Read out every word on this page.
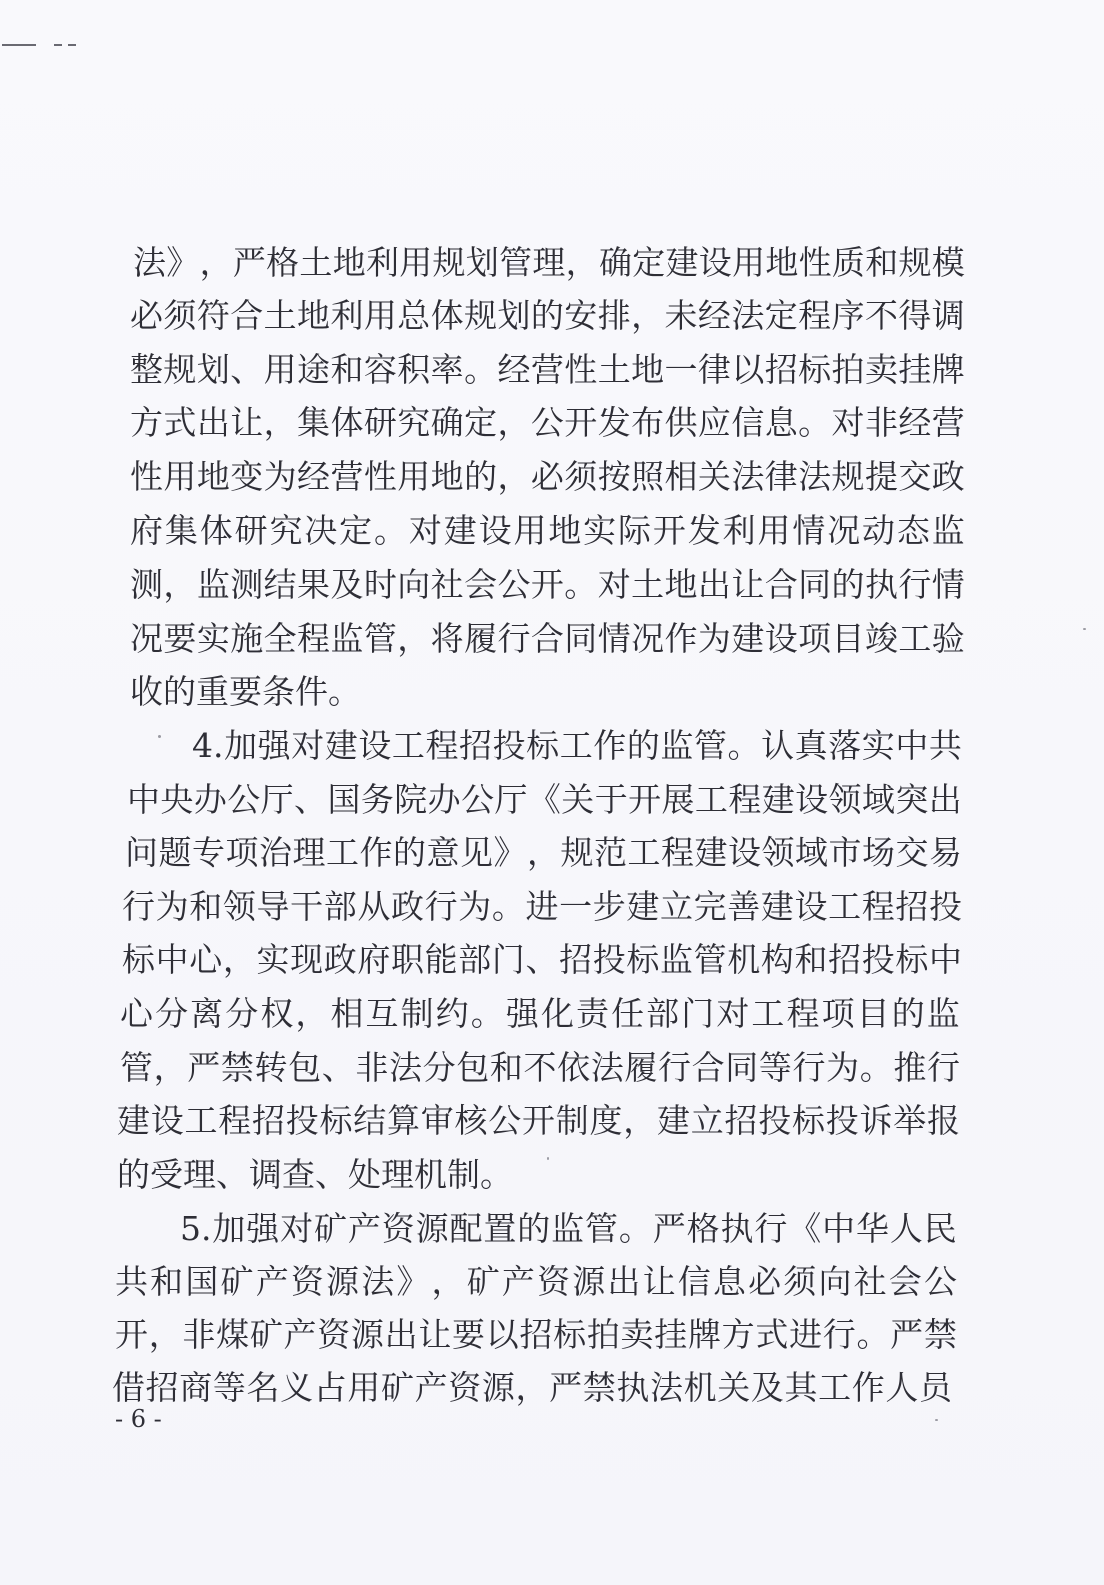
法 》 ， 严 格 土 地 利 用 规 划 管 理 ， 确 定 建 设 用 地 性 质 和 规 模
必 须 符 合 土 地 利 用 总 体 规 划 的 安 排 ， 未 经 法 定 程 序 不 得 调
整 规 划 、 用 途 和 容 积 率 。 经 营 性 土 地 一 律 以 招 标 拍 卖 挂 牌
方 式 出 让 ， 集 体 研 究 确 定 ， 公 开 发 布 供 应 信 息 。 对 非 经 营
性 用 地 变 为 经 营 性 用 地 的 ， 必 须 按 照 相 关 法 律 法 规 提 交 政
府 集 体 研 究 决 定 。 对 建 设 用 地 实 际 开 发 利 用 情 况 动 态 监
测 ， 监 测 结 果 及 时 向 社 会 公 开 。 对 土 地 出 让 合 同 的 执 行 情
况 要 实 施 全 程 监 管 ， 将 履 行 合 同 情 况 作 为 建 设 项 目 竣 工 验
收 的 重 要 条 件 。
4. 加 强 对 建 设 工 程 招 投 标 工 作 的 监 管 。 认 真 落 实 中 共
中 央 办 公 厅 、 国 务 院 办 公 厅 《 关 于 开 展 工 程 建 设 领 域 突 出
问 题 专 项 治 理 工 作 的 意 见 》 ， 规 范 工 程 建 设 领 域 市 场 交 易
行 为 和 领 导 干 部 从 政 行 为 。 进 一 步 建 立 完 善 建 设 工 程 招 投
标 中 心 ， 实 现 政 府 职 能 部 门 、 招 投 标 监 管 机 构 和 招 投 标 中
心 分 离 分 权 ， 相 互 制 约 。 强 化 责 任 部 门 对 工 程 项 目 的 监
管 ， 严 禁 转 包 、 非 法 分 包 和 不 依 法 履 行 合 同 等 行 为 。 推 行
建 设 工 程 招 投 标 结 算 审 核 公 开 制 度 ， 建 立 招 投 标 投 诉 举 报
的 受 理 、 调 查 、 处 理 机 制 。
5. 加 强 对 矿 产 资 源 配 置 的 监 管 。 严 格 执 行 《 中 华 人 民
共 和 国 矿 产 资 源 法 》 ， 矿 产 资 源 出 让 信 息 必 须 向 社 会 公
开 ， 非 煤 矿 产 资 源 出 让 要 以 招 标 拍 卖 挂 牌 方 式 进 行 。 严 禁
借 招 商 等 名 义 占 用 矿 产 资 源 ， 严 禁 执 法 机 关 及 其 工 作 人 员
- 6 -
